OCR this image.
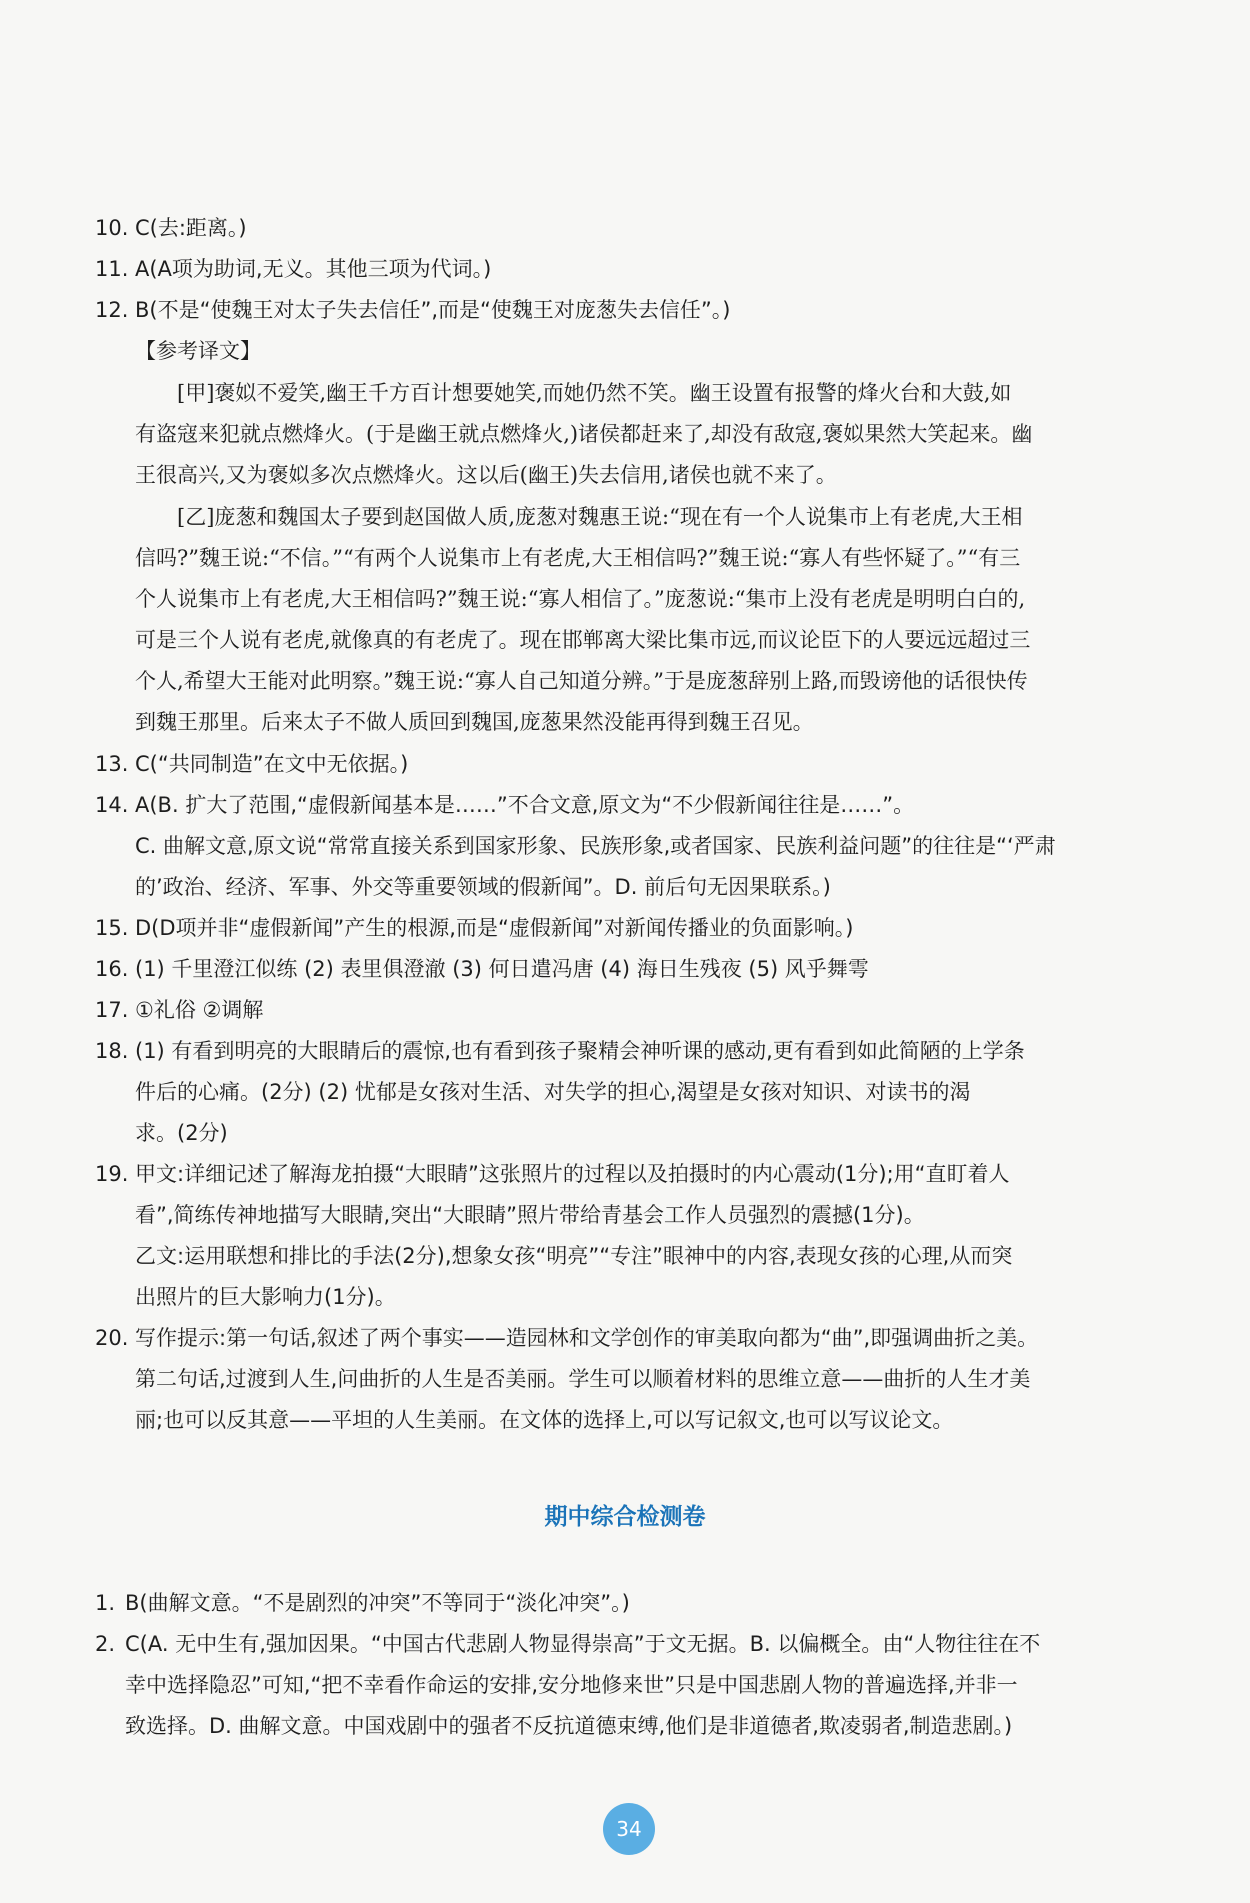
10. C(去:距离。)
11. A(A项为助词,无义。其他三项为代词。)
12. B(不是“使魏王对太子失去信任”,而是“使魏王对庞葱失去信任”。)
【参考译文】
[甲]褒姒不爱笑,幽王千方百计想要她笑,而她仍然不笑。幽王设置有报警的烽火台和大鼓,如
有盗寇来犯就点燃烽火。(于是幽王就点燃烽火,)诸侯都赶来了,却没有敌寇,褒姒果然大笑起来。幽
王很高兴,又为褒姒多次点燃烽火。这以后(幽王)失去信用,诸侯也就不来了。
[乙]庞葱和魏国太子要到赵国做人质,庞葱对魏惠王说:“现在有一个人说集市上有老虎,大王相
信吗?”魏王说:“不信。”“有两个人说集市上有老虎,大王相信吗?”魏王说:“寡人有些怀疑了。”“有三
个人说集市上有老虎,大王相信吗?”魏王说:“寡人相信了。”庞葱说:“集市上没有老虎是明明白白的,
可是三个人说有老虎,就像真的有老虎了。现在邯郸离大梁比集市远,而议论臣下的人要远远超过三
个人,希望大王能对此明察。”魏王说:“寡人自己知道分辨。”于是庞葱辞别上路,而毁谤他的话很快传
到魏王那里。后来太子不做人质回到魏国,庞葱果然没能再得到魏王召见。
13. C(“共同制造”在文中无依据。)
14. A(B. 扩大了范围,“虚假新闻基本是……”不合文意,原文为“不少假新闻往往是……”。
C. 曲解文意,原文说“常常直接关系到国家形象、民族形象,或者国家、民族利益问题”的往往是“‘严肃
的’政治、经济、军事、外交等重要领域的假新闻”。D. 前后句无因果联系。)
15. D(D项并非“虚假新闻”产生的根源,而是“虚假新闻”对新闻传播业的负面影响。)
16. (1) 千里澄江似练 (2) 表里俱澄澈 (3) 何日遣冯唐 (4) 海日生残夜 (5) 风乎舞雩
17. ①礼俗 ②调解
18. (1) 有看到明亮的大眼睛后的震惊,也有看到孩子聚精会神听课的感动,更有看到如此简陋的上学条
件后的心痛。(2分) (2) 忧郁是女孩对生活、对失学的担心,渴望是女孩对知识、对读书的渴
求。(2分)
19. 甲文:详细记述了解海龙拍摄“大眼睛”这张照片的过程以及拍摄时的内心震动(1分);用“直盯着人
看”,简练传神地描写大眼睛,突出“大眼睛”照片带给青基会工作人员强烈的震撼(1分)。
乙文:运用联想和排比的手法(2分),想象女孩“明亮”“专注”眼神中的内容,表现女孩的心理,从而突
出照片的巨大影响力(1分)。
20. 写作提示:第一句话,叙述了两个事实——造园林和文学创作的审美取向都为“曲”,即强调曲折之美。
第二句话,过渡到人生,问曲折的人生是否美丽。学生可以顺着材料的思维立意——曲折的人生才美
丽;也可以反其意——平坦的人生美丽。在文体的选择上,可以写记叙文,也可以写议论文。
期中综合检测卷
1. B(曲解文意。“不是剧烈的冲突”不等同于“淡化冲突”。)
2. C(A. 无中生有,强加因果。“中国古代悲剧人物显得崇高”于文无据。B. 以偏概全。由“人物往往在不
幸中选择隐忍”可知,“把不幸看作命运的安排,安分地修来世”只是中国悲剧人物的普遍选择,并非一
致选择。D. 曲解文意。中国戏剧中的强者不反抗道德束缚,他们是非道德者,欺凌弱者,制造悲剧。)
34
